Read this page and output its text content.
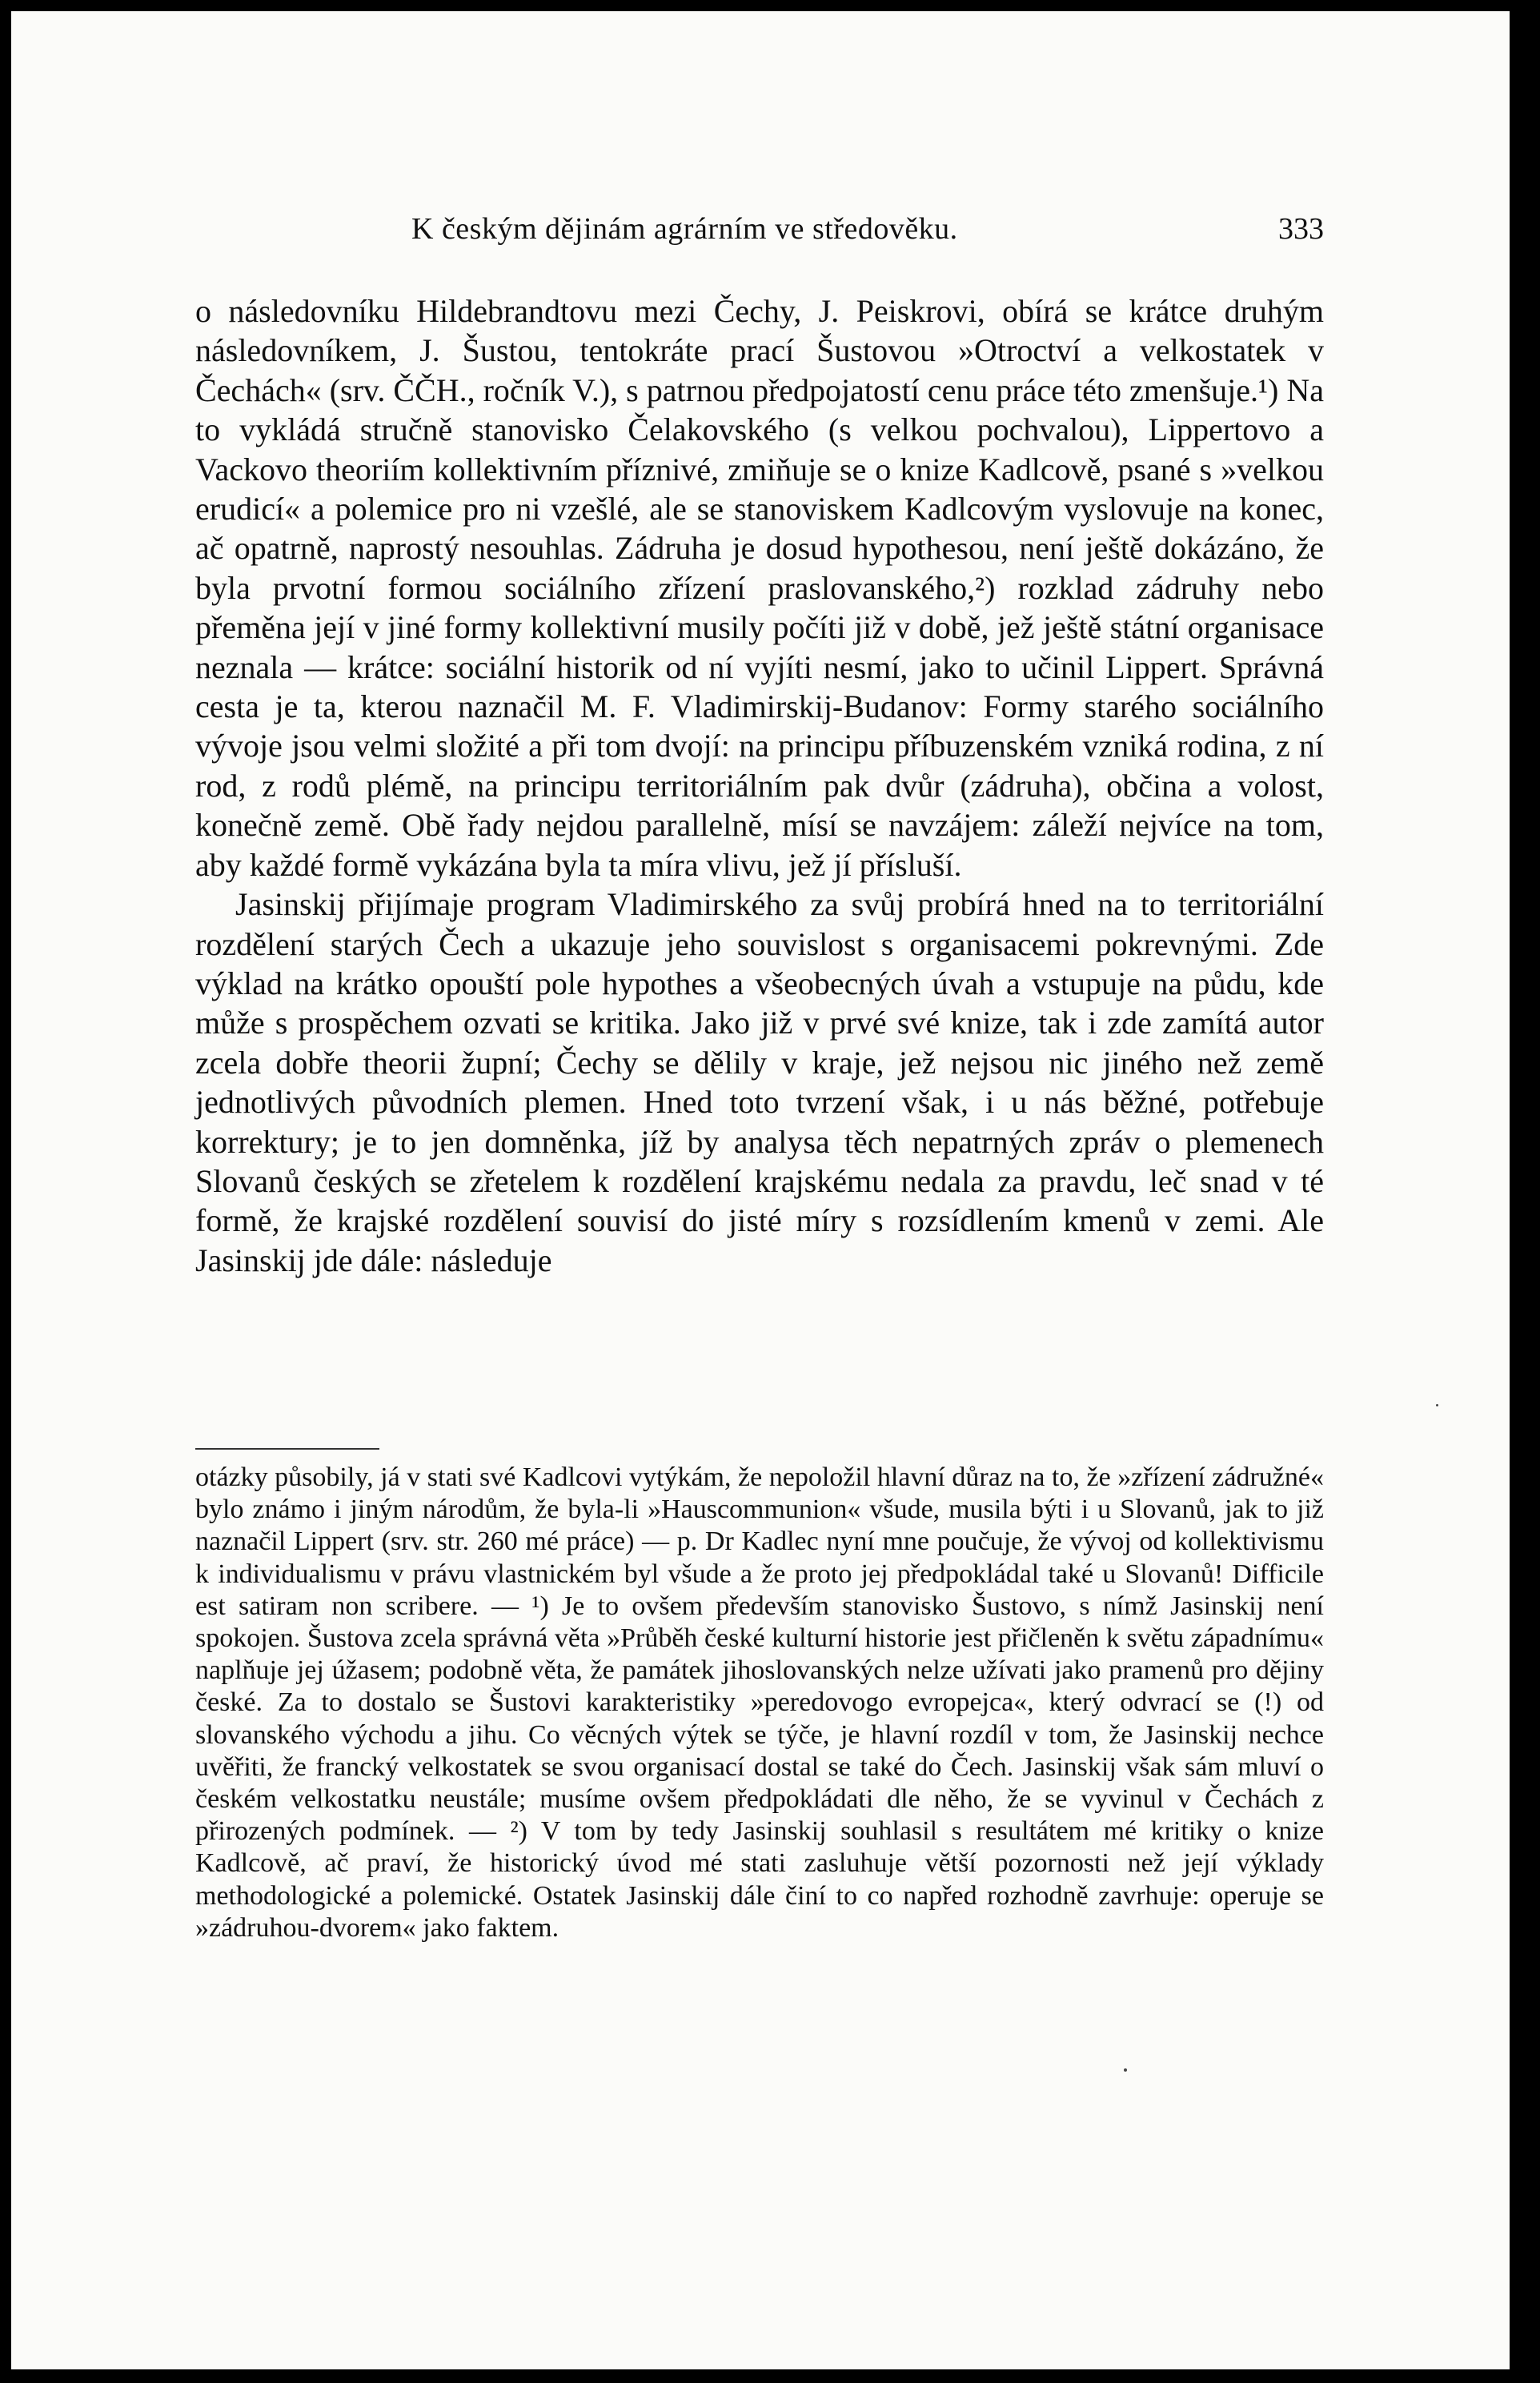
K českým dějinám agrárním ve středověku.	333

o následovníku Hildebrandtovu mezi Čechy, J. Peiskrovi, obírá se krátce druhým následovníkem, J. Šustou, tentokráte prací Šustovou »Otroctví a velkostatek v Čechách« (srv. ČČH., ročník V.), s patrnou předpojatostí cenu práce této zmenšuje.¹) Na to vykládá stručně stanovisko Čelakovského (s velkou pochvalou), Lippertovo a Vackovo theoriím kollektivním příznivé, zmiňuje se o knize Kadlcově, psané s »velkou erudicí« a polemice pro ni vzešlé, ale se stanoviskem Kadlcovým vyslovuje na konec, ač opatrně, naprostý nesouhlas. Zádruha je dosud hypothesou, není ještě dokázáno, že byla prvotní formou sociálního zřízení praslovanského,²) rozklad zádruhy nebo přeměna její v jiné formy kollektivní musily počíti již v době, jež ještě státní organisace neznala — krátce: sociální historik od ní vyjíti nesmí, jako to učinil Lippert. Správná cesta je ta, kterou naznačil M. F. Vladimirskij-Budanov: Formy starého sociálního vývoje jsou velmi složité a při tom dvojí: na principu příbuzenském vzniká rodina, z ní rod, z rodů plémě, na principu territoriálním pak dvůr (zádruha), občina a volost, konečně země. Obě řady nejdou parallelně, mísí se navzájem: záleží nejvíce na tom, aby každé formě vykázána byla ta míra vlivu, jež jí přísluší.

Jasinskij přijímaje program Vladimirského za svůj probírá hned na to territoriální rozdělení starých Čech a ukazuje jeho souvislost s organisacemi pokrevnými. Zde výklad na krátko opouští pole hypothes a všeobecných úvah a vstupuje na půdu, kde může s prospěchem ozvati se kritika. Jako již v prvé své knize, tak i zde zamítá autor zcela dobře theorii župní; Čechy se dělily v kraje, jež nejsou nic jiného než země jednotlivých původních plemen. Hned toto tvrzení však, i u nás běžné, potřebuje korrektury; je to jen domněnka, jíž by analysa těch nepatrných zpráv o plemenech Slovanů českých se zřetelem k rozdělení krajskému nedala za pravdu, leč snad v té formě, že krajské rozdělení souvisí do jisté míry s rozsídlením kmenů v zemi. Ale Jasinskij jde dále: následuje

otázky působily, já v stati své Kadlcovi vytýkám, že nepoložil hlavní důraz na to, že »zřízení zádružné« bylo známo i jiným národům, že byla-li »Hauscommunion« všude, musila býti i u Slovanů, jak to již naznačil Lippert (srv. str. 260 mé práce) — p. Dr Kadlec nyní mne poučuje, že vývoj od kollektivismu k individualismu v právu vlastnickém byl všude a že proto jej předpokládal také u Slovanů! Difficile est satiram non scribere. — ¹) Je to ovšem především stanovisko Šustovo, s nímž Jasinskij není spokojen. Šustova zcela správná věta »Průběh české kulturní historie jest přičleněn k světu západnímu« naplňuje jej úžasem; podobně věta, že památek jihoslovanských nelze užívati jako pramenů pro dějiny české. Za to dostalo se Šustovi karakteristiky »peredovogo evropejca«, který odvrací se (!) od slovanského východu a jihu. Co věcných výtek se týče, je hlavní rozdíl v tom, že Jasinskij nechce uvěřiti, že francký velkostatek se svou organisací dostal se také do Čech. Jasinskij však sám mluví o českém velkostatku neustále; musíme ovšem předpokládati dle něho, že se vyvinul v Čechách z přirozených podmínek. — ²) V tom by tedy Jasinskij souhlasil s resultátem mé kritiky o knize Kadlcově, ač praví, že historický úvod mé stati zasluhuje větší pozornosti než její výklady methodologické a polemické. Ostatek Jasinskij dále činí to co napřed rozhodně zavrhuje: operuje se »zádruhou-dvorem« jako faktem.
